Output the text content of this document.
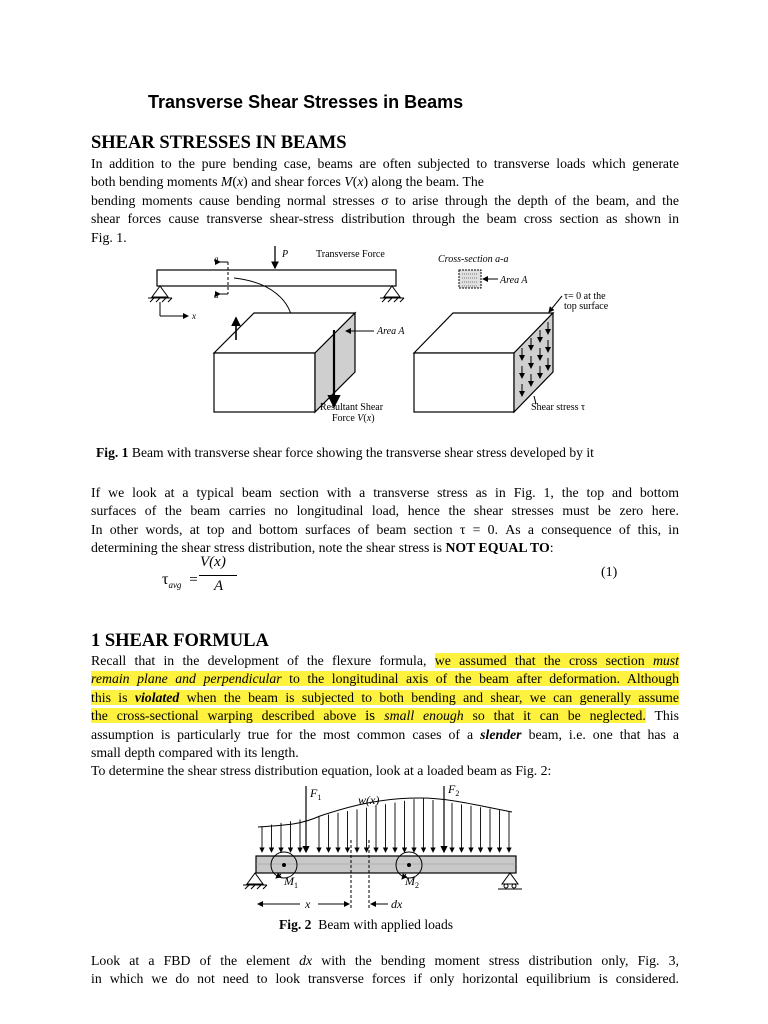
Transverse Shear Stresses in Beams
SHEAR STRESSES IN BEAMS
In addition to the pure bending case, beams are often subjected to transverse loads which generate
both bending moments M(x) and shear forces V(x) along the beam. The
bending moments cause bending normal stresses σ to arise through the depth of the beam, and the
shear forces cause transverse shear-stress distribution through the beam cross section as shown in
Fig. 1.
a
a
P	Transverse Force
x
Area A
Cross-section a-a
Area A
τ= 0 at the
top surface
Resultant Shear
Force V(x)
Shear stress τ
Fig. 1 Beam with transverse shear force showing the transverse shear stress developed by it
If we look at a typical beam section with a transverse stress as in Fig. 1, the top and bottom
surfaces of the beam carries no longitudinal load, hence the shear stresses must be zero here.
In other words, at top and bottom surfaces of beam section τ = 0. As a consequence of this, in
determining the shear stress distribution, note the shear stress is NOT EQUAL TO:
$\tau_{avg}$ =
V(x)
A
(1)
1 SHEAR FORMULA
Recall that in the development of the flexure formula, we assumed that the cross section must
remain plane and perpendicular to the longitudinal axis of the beam after deformation. Although
this is violated when the beam is subjected to both bending and shear, we can generally assume
the cross-sectional warping described above is small enough so that it can be neglected. This
assumption is particularly true for the most common cases of a slender beam, i.e. one that has a
small depth compared with its length.
To determine the shear stress distribution equation, look at a loaded beam as Fig. 2:
$F_1$
$F_2$
w(x)
$M_1$	$M_2$
x	dx
Fig. 2  Beam with applied loads
Look at a FBD of the element dx with the bending moment stress distribution only, Fig. 3,
in which we do not need to look transverse forces if only horizontal equilibrium is considered.
